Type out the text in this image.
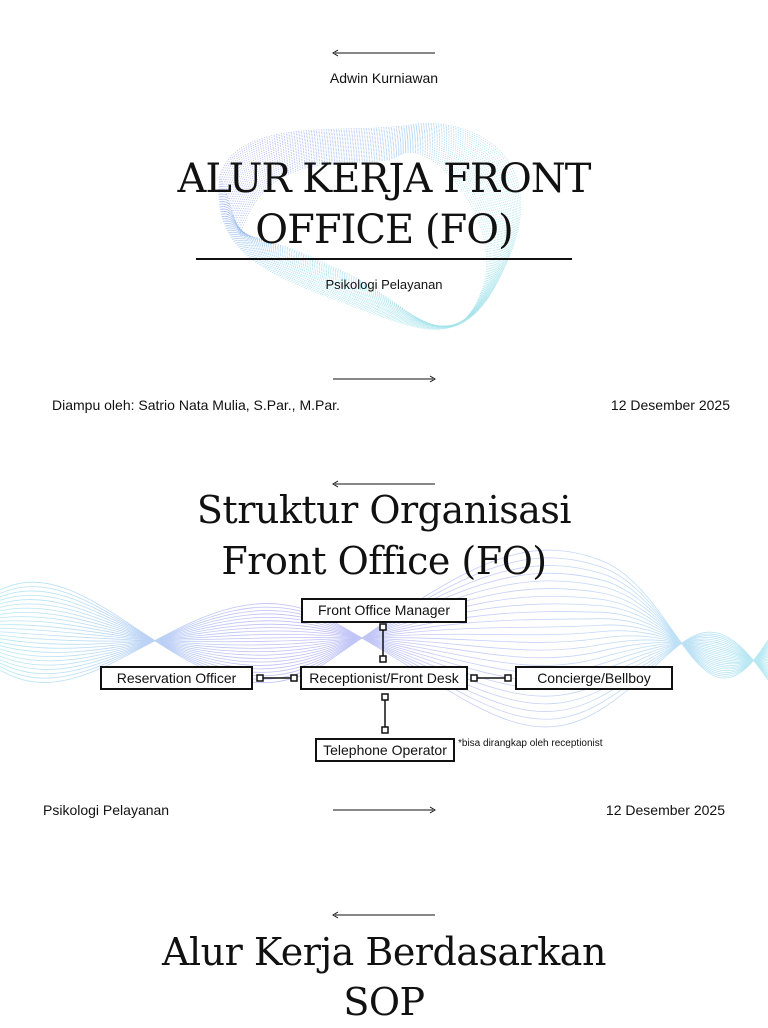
Adwin Kurniawan
ALUR KERJA FRONT
OFFICE (FO)
Psikologi Pelayanan
Diampu oleh: Satrio Nata Mulia, S.Par., M.Par.	12 Desember 2025
Struktur Organisasi
Front Office (FO)
Front Office Manager
Reservation Officer	Receptionist/Front Desk	Concierge/Bellboy
Telephone Operator	*bisa dirangkap oleh receptionist
Psikologi Pelayanan	12 Desember 2025
Alur Kerja Berdasarkan
SOP
